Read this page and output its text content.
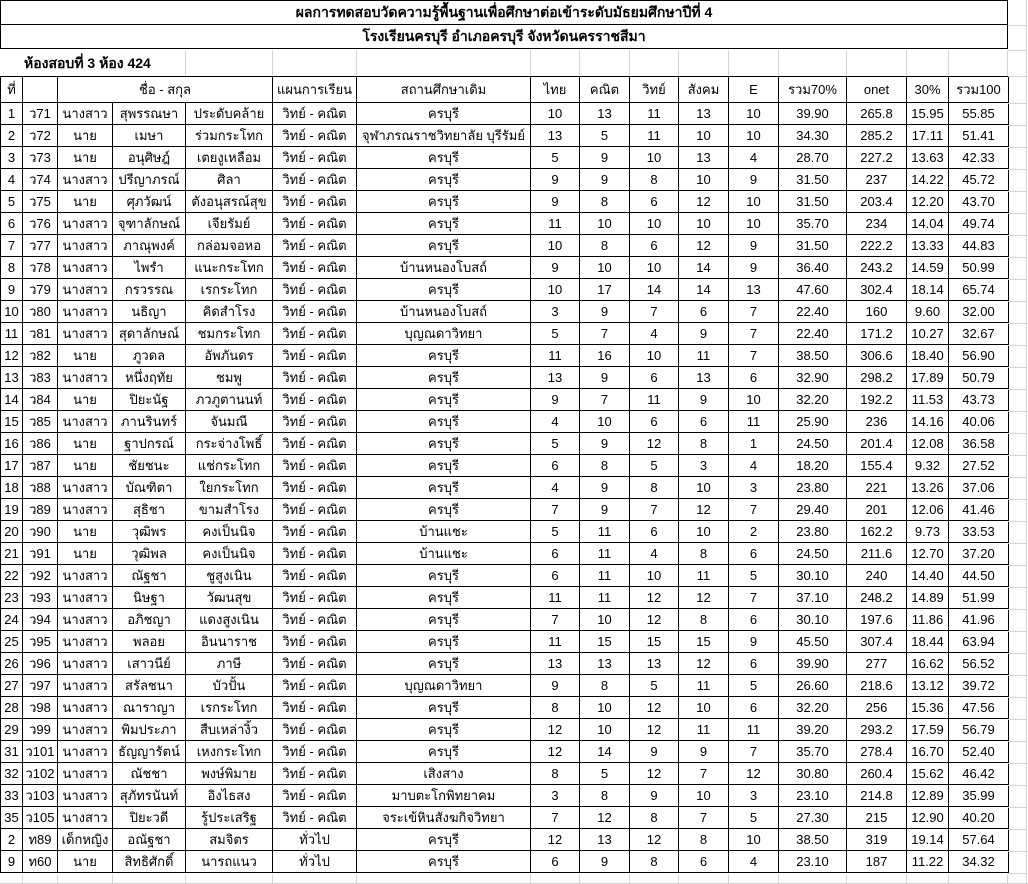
ผลการทดสอบวัดความรู้พื้นฐานเพื่อศึกษาต่อเข้าระดับมัธยมศึกษาปีที่ 4
โรงเรียนครบุรี อำเภอครบุรี จังหวัดนครราชสีมา
ห้องสอบที่ 3 ห้อง 424
ที่		ชื่อ - สกุล			แผนการเรียน	สถานศึกษาเดิม	ไทย	คณิต	วิทย์	สังคม	E	รวม70%	onet	30%	รวม100
1	ว71	นางสาว	สุพรรณษา	ประดับคล้าย	วิทย์ - คณิต	ครบุรี	10	13	11	13	10	39.90	265.8	15.95	55.85
2	ว72	นาย	เมษา	ร่วมกระโทก	วิทย์ - คณิต	จุฬาภรณราชวิทยาลัย บุรีรัมย์	13	5	11	10	10	34.30	285.2	17.11	51.41
3	ว73	นาย	อนุศิษฎ์	เตยงูเหลือม	วิทย์ - คณิต	ครบุรี	5	9	10	13	4	28.70	227.2	13.63	42.33
4	ว74	นางสาว	ปรีญาภรณ์	ศิลา	วิทย์ - คณิต	ครบุรี	9	9	8	10	9	31.50	237	14.22	45.72
5	ว75	นาย	ศุภวัฒน์	ตังอนุสรณ์สุข	วิทย์ - คณิต	ครบุรี	9	8	6	12	10	31.50	203.4	12.20	43.70
6	ว76	นางสาว	จุฑาลักษณ์	เจียรัมย์	วิทย์ - คณิต	ครบุรี	11	10	10	10	10	35.70	234	14.04	49.74
7	ว77	นางสาว	ภาณุพงค์	กล่อมจอหอ	วิทย์ - คณิต	ครบุรี	10	8	6	12	9	31.50	222.2	13.33	44.83
8	ว78	นางสาว	ไพรำ	แนะกระโทก	วิทย์ - คณิต	บ้านหนองโบสถ์	9	10	10	14	9	36.40	243.2	14.59	50.99
9	ว79	นางสาว	กรวรรณ	เรกระโทก	วิทย์ - คณิต	ครบุรี	10	17	14	14	13	47.60	302.4	18.14	65.74
10	ว80	นางสาว	นธิญา	คิดสำโรง	วิทย์ - คณิต	บ้านหนองโบสถ์	3	9	7	6	7	22.40	160	9.60	32.00
11	ว81	นางสาว	สุดาลักษณ์	ชมกระโทก	วิทย์ - คณิต	บุญณดาวิทยา	5	7	4	9	7	22.40	171.2	10.27	32.67
12	ว82	นาย	ภูวดล	อัพภันดร	วิทย์ - คณิต	ครบุรี	11	16	10	11	7	38.50	306.6	18.40	56.90
13	ว83	นางสาว	หนึ่งฤทัย	ชมพู	วิทย์ - คณิต	ครบุรี	13	9	6	13	6	32.90	298.2	17.89	50.79
14	ว84	นาย	ปิยะนัฐ	ภวภูตานนท์	วิทย์ - คณิต	ครบุรี	9	7	11	9	10	32.20	192.2	11.53	43.73
15	ว85	นางสาว	ภานรินทร์	จันมณี	วิทย์ - คณิต	ครบุรี	4	10	6	6	11	25.90	236	14.16	40.06
16	ว86	นาย	ฐาปกรณ์	กระจ่างโพธิ์	วิทย์ - คณิต	ครบุรี	5	9	12	8	1	24.50	201.4	12.08	36.58
17	ว87	นาย	ชัยชนะ	แช่กระโทก	วิทย์ - คณิต	ครบุรี	6	8	5	3	4	18.20	155.4	9.32	27.52
18	ว88	นางสาว	บัณฑิตา	ใยกระโทก	วิทย์ - คณิต	ครบุรี	4	9	8	10	3	23.80	221	13.26	37.06
19	ว89	นางสาว	สุธิชา	ขามสำโรง	วิทย์ - คณิต	ครบุรี	7	9	7	12	7	29.40	201	12.06	41.46
20	ว90	นาย	วุฒิพร	คงเป็นนิจ	วิทย์ - คณิต	บ้านแชะ	5	11	6	10	2	23.80	162.2	9.73	33.53
21	ว91	นาย	วุฒิพล	คงเป็นนิจ	วิทย์ - คณิต	บ้านแชะ	6	11	4	8	6	24.50	211.6	12.70	37.20
22	ว92	นางสาว	ณัฐชา	ชูสูงเนิน	วิทย์ - คณิต	ครบุรี	6	11	10	11	5	30.10	240	14.40	44.50
23	ว93	นางสาว	นิษฐา	วัฒนสุข	วิทย์ - คณิต	ครบุรี	11	11	12	12	7	37.10	248.2	14.89	51.99
24	ว94	นางสาว	อภิชญา	แดงสูงเนิน	วิทย์ - คณิต	ครบุรี	7	10	12	8	6	30.10	197.6	11.86	41.96
25	ว95	นางสาว	พลอย	อินนาราช	วิทย์ - คณิต	ครบุรี	11	15	15	15	9	45.50	307.4	18.44	63.94
26	ว96	นางสาว	เสาวนีย์	ภาษี	วิทย์ - คณิต	ครบุรี	13	13	13	12	6	39.90	277	16.62	56.52
27	ว97	นางสาว	สรัลชนา	บัวปั้น	วิทย์ - คณิต	บุญณดาวิทยา	9	8	5	11	5	26.60	218.6	13.12	39.72
28	ว98	นางสาว	ณาราญา	เรกระโทก	วิทย์ - คณิต	ครบุรี	8	10	12	10	6	32.20	256	15.36	47.56
29	ว99	นางสาว	พิมประภา	สืบเหล่างิ้ว	วิทย์ - คณิต	ครบุรี	12	10	12	11	11	39.20	293.2	17.59	56.79
31	ว101	นางสาว	ธัญญารัตน์	เหงกระโทก	วิทย์ - คณิต	ครบุรี	12	14	9	9	7	35.70	278.4	16.70	52.40
32	ว102	นางสาว	ณัชชา	พงษ์พิมาย	วิทย์ - คณิต	เสิงสาง	8	5	12	7	12	30.80	260.4	15.62	46.42
33	ว103	นางสาว	สุภัทรนันท์	อิงไธสง	วิทย์ - คณิต	มาบตะโกพิทยาคม	3	8	9	10	3	23.10	214.8	12.89	35.99
35	ว105	นางสาว	ปิยะวดี	รู้ประเสริฐ	วิทย์ - คณิต	จระเข้หินสังฆกิจวิทยา	7	12	8	7	5	27.30	215	12.90	40.20
2	ท89	เด็กหญิง	อณัฐชา	สมจิตร	ทั่วไป	ครบุรี	12	13	12	8	10	38.50	319	19.14	57.64
9	ท60	นาย	สิทธิศักดิ์	นารถแนว	ทั่วไป	ครบุรี	6	9	8	6	4	23.10	187	11.22	34.32
